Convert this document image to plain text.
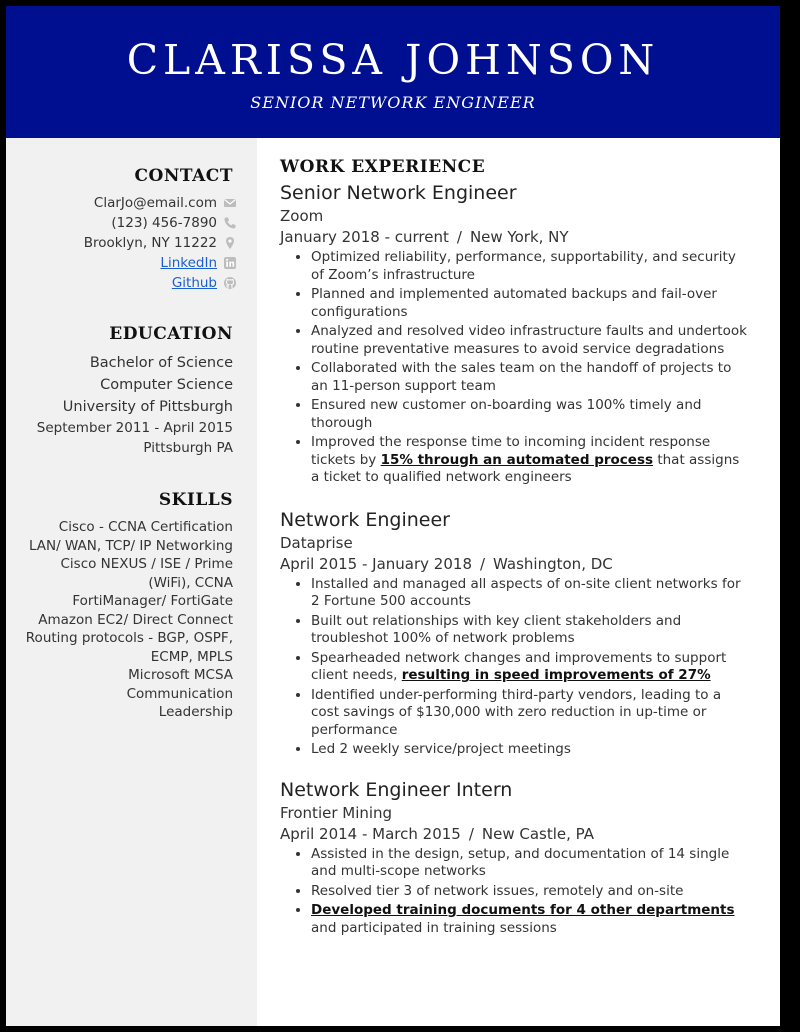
CLARISSA JOHNSON
SENIOR NETWORK ENGINEER
CONTACT
ClarJo@email.com
(123) 456-7890
Brooklyn, NY 11222
LinkedIn
Github
EDUCATION
Bachelor of Science
Computer Science
University of Pittsburgh
September 2011 - April 2015
Pittsburgh PA
SKILLS

Cisco - CCNA Certification

LAN/ WAN, TCP/ IP Networking

Cisco NEXUS / ISE / Prime (WiFi), CCNA

FortiManager/ FortiGate

Amazon EC2/ Direct Connect

Routing protocols - BGP, OSPF, ECMP, MPLS

Microsoft MCSA

Communication

Leadership

WORK EXPERIENCE
Senior Network Engineer
Zoom
January 2018 - current / New York, NY
• Optimized reliability, performance, supportability, and security of Zoom’s infrastructure
• Planned and implemented automated backups and fail-over configurations
• Analyzed and resolved video infrastructure faults and undertook routine preventative measures to avoid service degradations
• Collaborated with the sales team on the handoff of projects to an 11-person support team
• Ensured new customer on-boarding was 100% timely and thorough
• Improved the response time to incoming incident response tickets by 15% through an automated process that assigns a ticket to qualified network engineers
Network Engineer
Dataprise
April 2015 - January 2018 / Washington, DC
• Installed and managed all aspects of on-site client networks for 2 Fortune 500 accounts
• Built out relationships with key client stakeholders and troubleshot 100% of network problems
• Spearheaded network changes and improvements to support client needs, resulting in speed improvements of 27%
• Identified under-performing third-party vendors, leading to a cost savings of $130,000 with zero reduction in up-time or performance
• Led 2 weekly service/project meetings
Network Engineer Intern
Frontier Mining
April 2014 - March 2015 / New Castle, PA
• Assisted in the design, setup, and documentation of 14 single and multi-scope networks
• Resolved tier 3 of network issues, remotely and on-site
• Developed training documents for 4 other departments and participated in training sessions
